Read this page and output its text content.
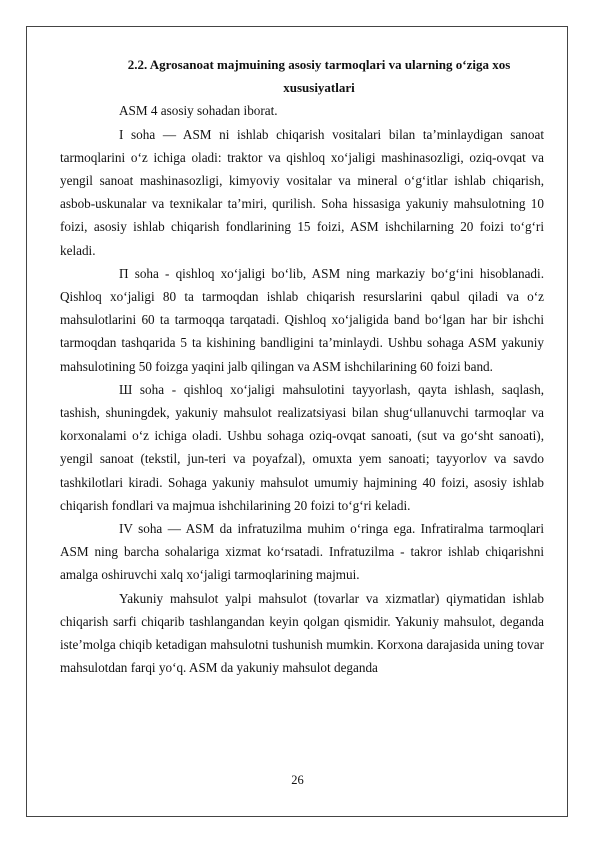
2.2. Agrosanoat majmuining asosiy tarmoqlari va ularning o‘ziga xos
xususiyatlari

ASM 4 asosiy sohadan iborat.

I soha — ASM ni ishlab chiqarish vositalari bilan ta’minlaydigan sanoat tarmoqlarini o‘z ichiga oladi: traktor va qishloq xo‘jaligi mashinasozligi, oziq-ovqat va yengil sanoat mashinasozligi, kimyoviy vositalar va mineral o‘g‘itlar ishlab chiqarish, asbob-uskunalar va texnikalar ta’miri, qurilish. Soha hissasiga yakuniy mahsulotning 10 foizi, asosiy ishlab chiqarish fondlarining 15 foizi, ASM ishchilarning 20 foizi to‘g‘ri keladi.

П soha - qishloq xo‘jaligi bo‘lib, ASM ning markaziy bo‘g‘ini hisoblanadi. Qishloq xo‘jaligi 80 ta tarmoqdan ishlab chiqarish resurslarini qabul qiladi va o‘z mahsulotlarini 60 ta tarmoqqa tarqatadi. Qishloq xo‘jaligida band bo‘lgan har bir ishchi tarmoqdan tashqarida 5 ta kishining bandligini ta’minlaydi. Ushbu sohaga ASM yakuniy mahsulotining 50 foizga yaqini jalb qilingan va ASM ishchilarining 60 foizi band.

Ш soha - qishloq xo‘jaligi mahsulotini tayyorlash, qayta ishlash, saqlash, tashish, shuningdek, yakuniy mahsulot realizatsiyasi bilan shug‘ullanuvchi tarmoqlar va korxonalami o‘z ichiga oladi. Ushbu sohaga oziq-ovqat sanoati, (sut va go‘sht sanoati), yengil sanoat (tekstil, jun-teri va poyafzal), omuxta yem sanoati; tayyorlov va savdo tashkilotlari kiradi. Sohaga yakuniy mahsulot umumiy hajmining 40 foizi, asosiy ishlab chiqarish fondlari va majmua ishchilarining 20 foizi to‘g‘ri keladi.

IV soha — ASM da infratuzilma muhim o‘ringa ega. Infratiralma tarmoqlari ASM ning barcha sohalariga xizmat ko‘rsatadi. Infratuzilma - takror ishlab chiqarishni amalga oshiruvchi xalq xo‘jaligi tarmoqlarining majmui.

Yakuniy mahsulot yalpi mahsulot (tovarlar va xizmatlar) qiymatidan ishlab chiqarish sarfi chiqarib tashlangandan keyin qolgan qismidir. Yakuniy mahsulot, deganda iste’molga chiqib ketadigan mahsulotni tushunish mumkin. Korxona darajasida uning tovar mahsulotdan farqi yo‘q. ASM da yakuniy mahsulot deganda

26
